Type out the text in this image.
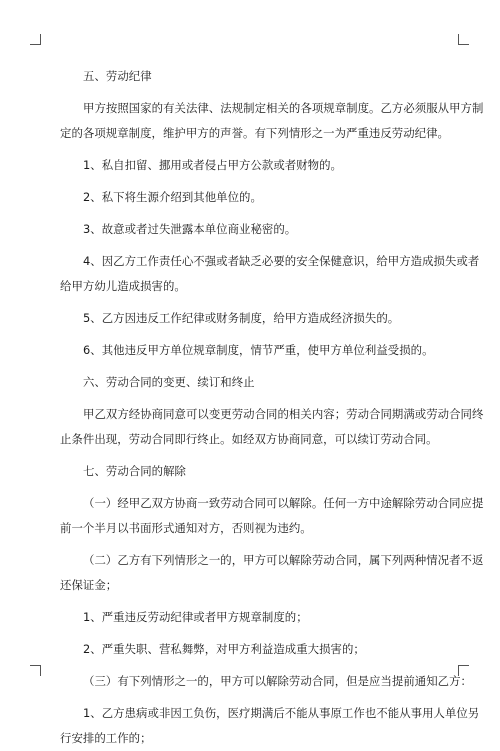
五、劳动纪律

甲方按照国家的有关法律、法规制定相关的各项规章制度。乙方必须服从甲方制

定的各项规章制度，维护甲方的声誉。有下列情形之一为严重违反劳动纪律。

1、私自扣留、挪用或者侵占甲方公款或者财物的。

2、私下将生源介绍到其他单位的。

3、故意或者过失泄露本单位商业秘密的。

4、因乙方工作责任心不强或者缺乏必要的安全保健意识，给甲方造成损失或者

给甲方幼儿造成损害的。

5、乙方因违反工作纪律或财务制度，给甲方造成经济损失的。

6、其他违反甲方单位规章制度，情节严重，使甲方单位利益受损的。

六、劳动合同的变更、续订和终止

甲乙双方经协商同意可以变更劳动合同的相关内容；劳动合同期满或劳动合同终

止条件出现，劳动合同即行终止。如经双方协商同意，可以续订劳动合同。

七、劳动合同的解除

（一）经甲乙双方协商一致劳动合同可以解除。任何一方中途解除劳动合同应提

前一个半月以书面形式通知对方，否则视为违约。

（二）乙方有下列情形之一的，甲方可以解除劳动合同，属下列两种情况者不返

还保证金；

1、严重违反劳动纪律或者甲方规章制度的；

2、严重失职、营私舞弊，对甲方利益造成重大损害的；

（三）有下列情形之一的，甲方可以解除劳动合同，但是应当提前通知乙方：

1、乙方患病或非因工负伤，医疗期满后不能从事原工作也不能从事用人单位另

行安排的工作的；
